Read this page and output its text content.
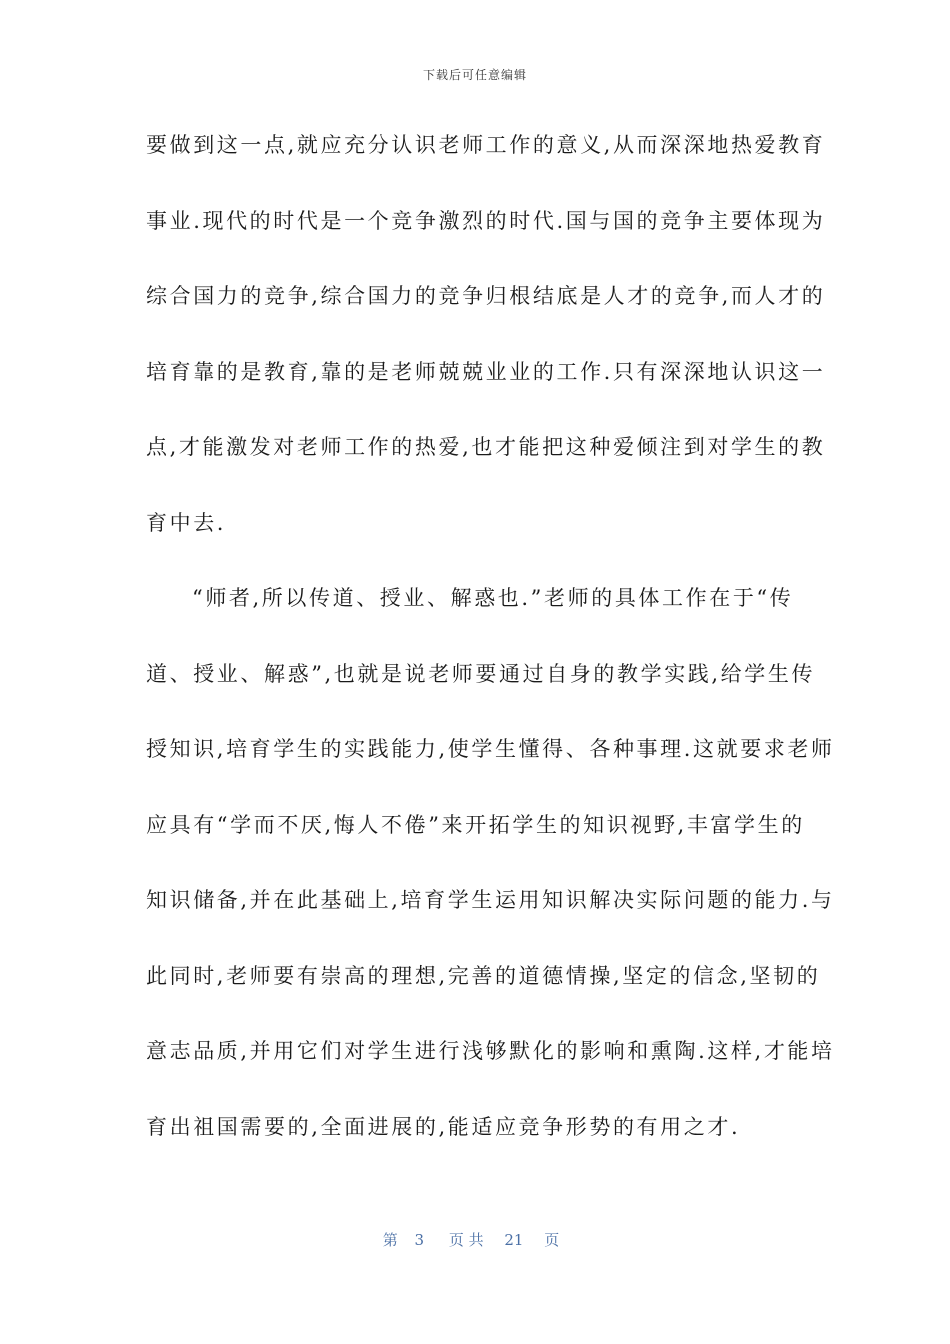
下载后可任意编辑
要做到这一点,就应充分认识老师工作的意义,从而深深地热爱教育
事业.现代的时代是一个竞争激烈的时代.国与国的竞争主要体现为
综合国力的竞争,综合国力的竞争归根结底是人才的竞争,而人才的
培育靠的是教育,靠的是老师兢兢业业的工作.只有深深地认识这一
点,才能激发对老师工作的热爱,也才能把这种爱倾注到对学生的教
育中去.
“师者,所以传道、授业、解惑也.”老师的具体工作在于“传
道、授业、解惑”,也就是说老师要通过自身的教学实践,给学生传
授知识,培育学生的实践能力,使学生懂得、各种事理.这就要求老师
应具有“学而不厌,悔人不倦”来开拓学生的知识视野,丰富学生的
知识储备,并在此基础上,培育学生运用知识解决实际问题的能力.与
此同时,老师要有崇高的理想,完善的道德情操,坚定的信念,坚韧的
意志品质,并用它们对学生进行浅够默化的影响和熏陶.这样,才能培
育出祖国需要的,全面进展的,能适应竞争形势的有用之才.
第 3 页 共 21 页
